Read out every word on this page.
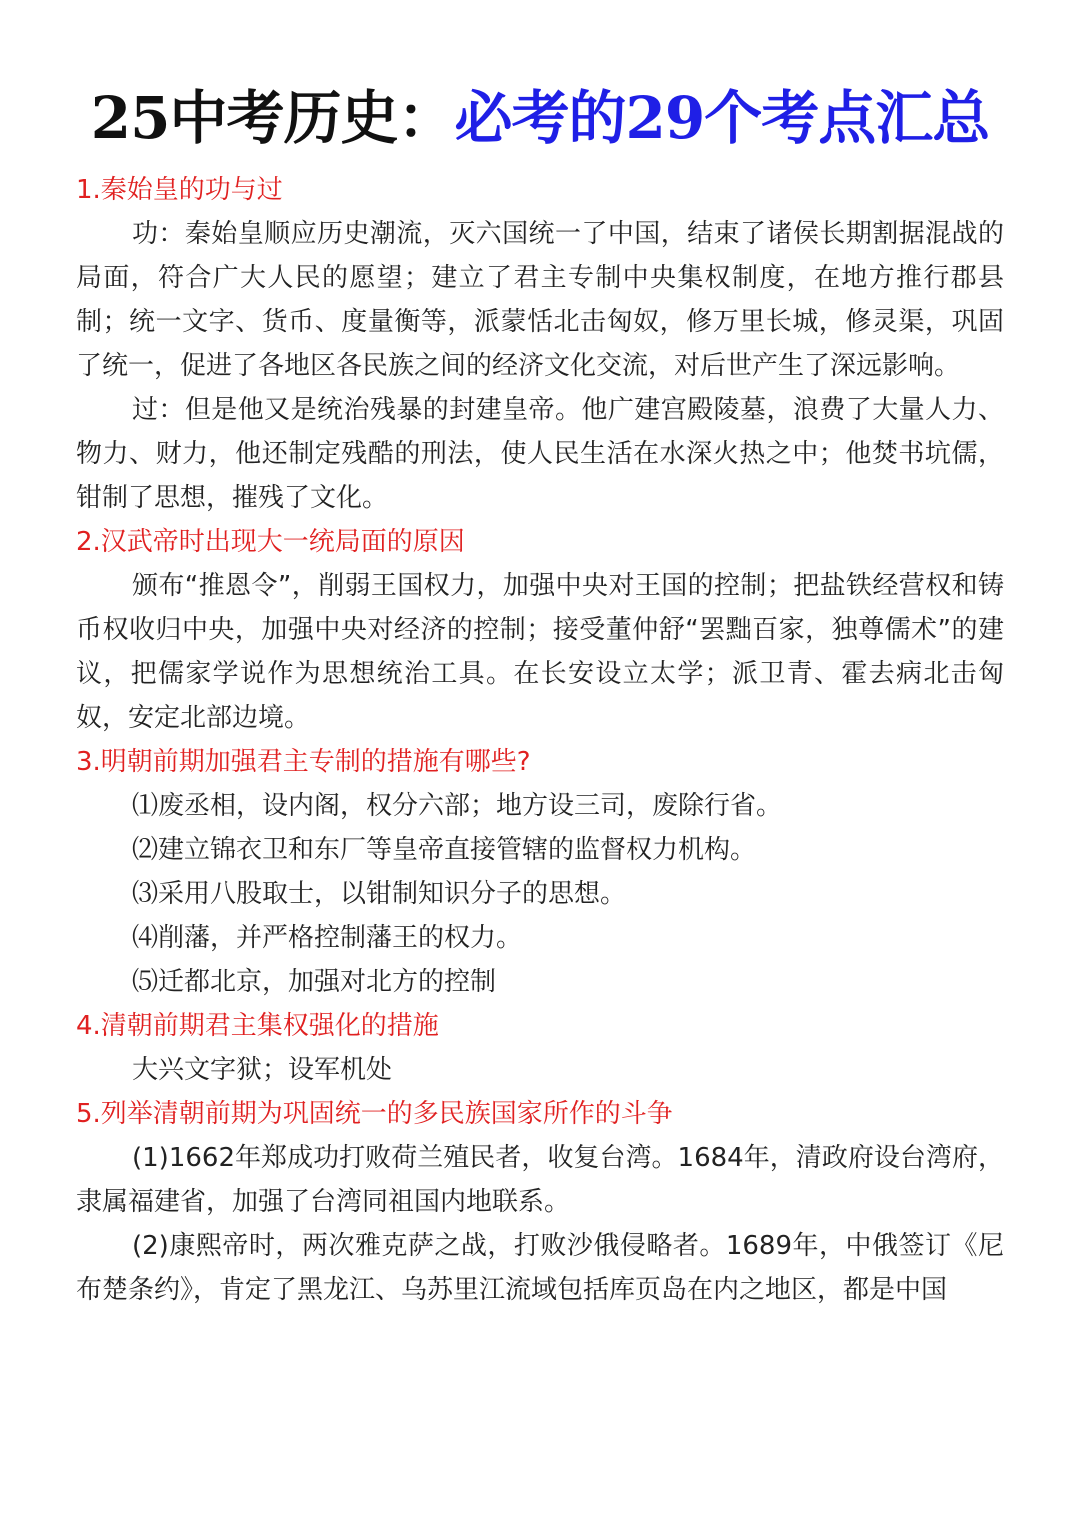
25中考历史：必考的29个考点汇总
1.秦始皇的功与过
功：秦始皇顺应历史潮流，灭六国统一了中国，结束了诸侯长期割据混战的局面，符合广大人民的愿望；建立了君主专制中央集权制度，在地方推行郡县制；统一文字、货币、度量衡等，派蒙恬北击匈奴，修万里长城，修灵渠，巩固了统一，促进了各地区各民族之间的经济文化交流，对后世产生了深远影响。
过：但是他又是统治残暴的封建皇帝。他广建宫殿陵墓，浪费了大量人力、物力、财力，他还制定残酷的刑法，使人民生活在水深火热之中；他焚书坑儒，钳制了思想，摧残了文化。
2.汉武帝时出现大一统局面的原因
颁布“推恩令”，削弱王国权力，加强中央对王国的控制；把盐铁经营权和铸币权收归中央，加强中央对经济的控制；接受董仲舒“罢黜百家，独尊儒术”的建议，把儒家学说作为思想统治工具。在长安设立太学；派卫青、霍去病北击匈奴，安定北部边境。
3.明朝前期加强君主专制的措施有哪些?
⑴废丞相，设内阁，权分六部；地方设三司，废除行省。
⑵建立锦衣卫和东厂等皇帝直接管辖的监督权力机构。
⑶采用八股取士，以钳制知识分子的思想。
⑷削藩，并严格控制藩王的权力。
⑸迁都北京，加强对北方的控制
4.清朝前期君主集权强化的措施
大兴文字狱；设军机处
5.列举清朝前期为巩固统一的多民族国家所作的斗争
(1)1662年郑成功打败荷兰殖民者，收复台湾。1684年，清政府设台湾府，隶属福建省，加强了台湾同祖国内地联系。
(2)康熙帝时，两次雅克萨之战，打败沙俄侵略者。1689年，中俄签订《尼布楚条约》，肯定了黑龙江、乌苏里江流域包括库页岛在内之地区，都是中国
